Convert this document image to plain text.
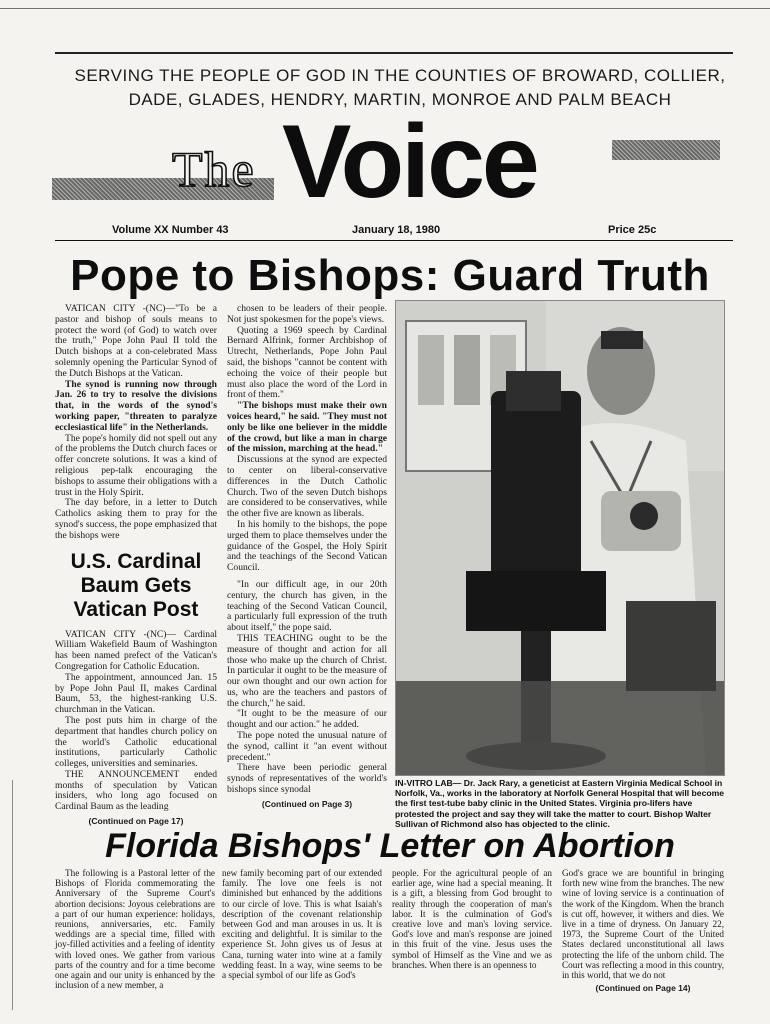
SERVING THE PEOPLE OF GOD IN THE COUNTIES OF BROWARD, COLLIER,
DADE, GLADES, HENDRY, MARTIN, MONROE AND PALM BEACH
The Voice
Volume XX Number 43	January 18, 1980	Price 25c
Pope to Bishops: Guard Truth

VATICAN CITY -(NC)—"To be a pastor and bishop of souls means to protect the word (of God) to watch over the truth," Pope John Paul II told the Dutch bishops at a con-celebrated Mass solemnly opening the Particular Synod of the Dutch Bishops at the Vatican.

The synod is running now through Jan. 26 to try to resolve the divisions that, in the words of the synod's working paper, "threaten to paralyze ecclesiastical life" in the Netherlands.

The pope's homily did not spell out any of the problems the Dutch church faces or offer concrete solutions. It was a kind of religious pep-talk encouraging the bishops to assume their obligations with a trust in the Holy Spirit.

The day before, in a letter to Dutch Catholics asking them to pray for the synod's success, the pope emphasized that the bishops were

U.S. Cardinal Baum Gets Vatican Post

VATICAN CITY -(NC)— Cardinal William Wakefield Baum of Washington has been named prefect of the Vatican's Congregation for Catholic Education.

The appointment, announced Jan. 15 by Pope John Paul II, makes Cardinal Baum, 53, the highest-ranking U.S. churchman in the Vatican.

The post puts him in charge of the department that handles church policy on the world's Catholic educational institutions, particularly Catholic colleges, universities and seminaries.

THE ANNOUNCEMENT ended months of speculation by Vatican insiders, who long ago focused on Cardinal Baum as the leading

(Continued on Page 17)

chosen to be leaders of their people. Not just spokesmen for the pope's views.

Quoting a 1969 speech by Cardinal Bernard Alfrink, former Archbishop of Utrecht, Netherlands, Pope John Paul said, the bishops "cannot be content with echoing the voice of their people but must also place the word of the Lord in front of them."

"The bishops must make their own voices heard," he said. "They must not only be like one believer in the middle of the crowd, but like a man in charge of the mission, marching at the head."

Discussions at the synod are expected to center on liberal-conservative differences in the Dutch Catholic Church. Two of the seven Dutch bishops are considered to be conservatives, while the other five are known as liberals.

In his homily to the bishops, the pope urged them to place themselves under the guidance of the Gospel, the Holy Spirit and the teachings of the Second Vatican Council.

"In our difficult age, in our 20th century, the church has given, in the teaching of the Second Vatican Council, a particularly full expression of the truth about itself," the pope said.

THIS TEACHING ought to be the measure of thought and action for all those who make up the church of Christ. In particular it ought to be the measure of our own thought and our own action for us, who are the teachers and pastors of the church," he said.

"It ought to be the measure of our thought and our action." he added.

The pope noted the unusual nature of the synod, callint it "an event without precedent."

There have been periodic general synods of representatives of the world's bishops since synodal

(Continued on Page 3)

IN-VITRO LAB— Dr. Jack Rary, a geneticist at Eastern Virginia Medical School in Norfolk, Va., works in the laboratory at Norfolk General Hospital that will become the first test-tube baby clinic in the United States. Virginia pro-lifers have protested the project and say they will take the matter to court. Bishop Walter Sullivan of Richmond also has objected to the clinic.
Florida Bishops' Letter on Abortion

The following is a Pastoral letter of the Bishops of Florida commemorating the Anniversary of the Supreme Court's abortion decisions: Joyous celebrations are a part of our human experience: holidays, reunions, anniversaries, etc. Family weddings are a special time, filled with joy-filled activities and a feeling of identity with loved ones. We gather from various parts of the country and for a time become one again and our unity is enhanced by the inclusion of a new member, a

new family becoming part of our extended family. The love one feels is not diminished but enhanced by the additions to our circle of love. This is what Isaiah's description of the covenant relationship between God and man arouses in us. It is exciting and delightful. It is similar to the experience St. John gives us of Jesus at Cana, turning water into wine at a family wedding feast. In a way, wine seems to be a special symbol of our life as God's

people. For the agricultural people of an earlier age, wine had a special meaning. It is a gift, a blessing from God brought to reality through the cooperation of man's labor. It is the culmination of God's creative love and man's loving service. God's love and man's response are joined in this fruit of the vine. Jesus uses the symbol of Himself as the Vine and we as branches. When there is an openness to

God's grace we are bountiful in bringing forth new wine from the branches. The new wine of loving service is a continuation of the work of the Kingdom. When the branch is cut off, however, it withers and dies. We live in a time of dryness. On January 22, 1973, the Supreme Court of the United States declared unconstitutional all laws protecting the life of the unborn child. The Court was reflecting a mood in this country, in this world, that we do not

(Continued on Page 14)
